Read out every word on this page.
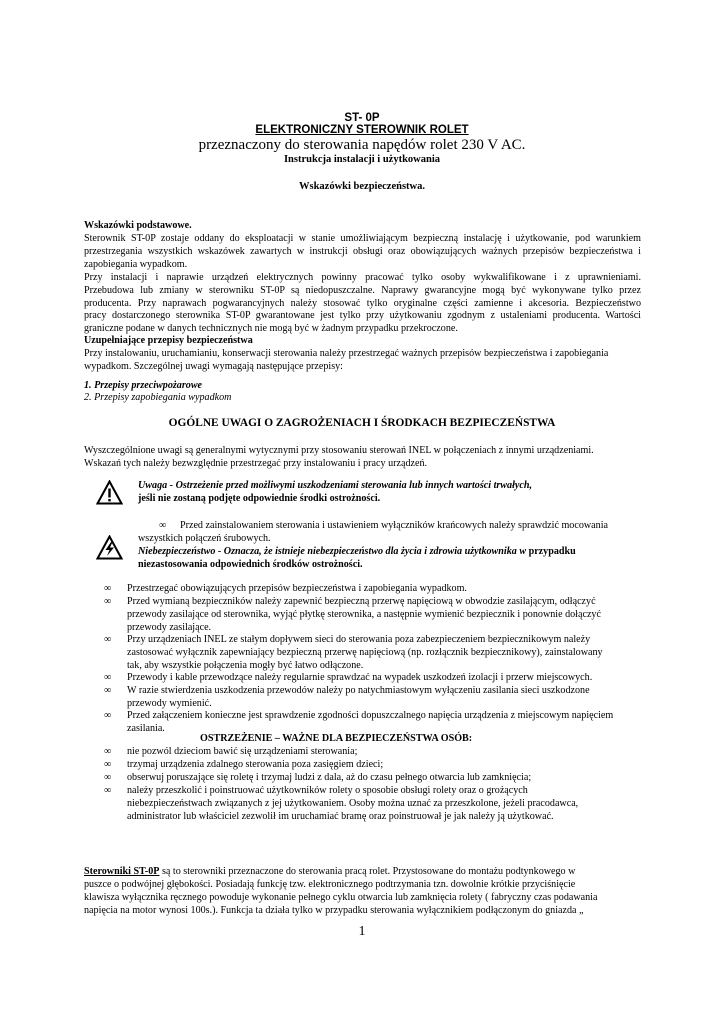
ST- 0P
ELEKTRONICZNY STEROWNIK ROLET
przeznaczony do sterowania napędów rolet 230 V AC.
Instrukcja instalacji i użytkowania
Wskazówki bezpieczeństwa.
Wskazówki podstawowe.
Sterownik ST-0P zostaje oddany do eksploatacji w stanie umożliwiającym bezpieczną instalację i użytkowanie, pod warunkiem
przestrzegania wszystkich wskazówek zawartych w instrukcji obsługi oraz obowiązujących ważnych przepisów bezpieczeństwa i
zapobiegania wypadkom.
Przy instalacji i naprawie urządzeń elektrycznych powinny pracować tylko osoby wykwalifikowane i z uprawnieniami.
Przebudowa lub zmiany w sterowniku ST-0P są niedopuszczalne. Naprawy gwarancyjne mogą być wykonywane tylko przez
producenta. Przy naprawach pogwarancyjnych należy stosować tylko oryginalne części zamienne i akcesoria. Bezpieczeństwo
pracy dostarczonego sterownika ST-0P gwarantowane jest tylko przy użytkowaniu zgodnym z ustaleniami producenta. Wartości
graniczne podane w danych technicznych nie mogą być w żadnym przypadku przekroczone.
Uzupełniające przepisy bezpieczeństwa
Przy instalowaniu, uruchamianiu, konserwacji sterowania należy przestrzegać ważnych przepisów bezpieczeństwa i zapobiegania
wypadkom. Szczególnej uwagi wymagają następujące przepisy:
1. Przepisy przeciwpożarowe
2. Przepisy zapobiegania wypadkom
OGÓLNE UWAGI O ZAGROŻENIACH I ŚRODKACH BEZPIECZEŃSTWA
Wyszczególnione uwagi są generalnymi wytycznymi przy stosowaniu sterowań INEL w połączeniach z innymi urządzeniami.
Wskazań tych należy bezwzględnie przestrzegać przy instalowaniu i pracy urządzeń.
Uwaga - Ostrzeżenie przed możliwymi uszkodzeniami sterowania lub innych wartości trwałych,
jeśli nie zostaną podjęte odpowiednie środki ostrożności.
∞ Przed zainstalowaniem sterowania i ustawieniem wyłączników krańcowych należy sprawdzić mocowania
wszystkich połączeń śrubowych.
Niebezpieczeństwo - Oznacza, że istnieje niebezpieczeństwo dla życia i zdrowia użytkownika w przypadku
niezastosowania odpowiednich środków ostrożności.
∞ Przestrzegać obowiązujących przepisów bezpieczeństwa i zapobiegania wypadkom.
∞ Przed wymianą bezpieczników należy zapewnić bezpieczną przerwę napięciową w obwodzie zasilającym, odłączyć
przewody zasilające od sterownika, wyjąć płytkę sterownika, a następnie wymienić bezpiecznik i ponownie dołączyć
przewody zasilające.
∞ Przy urządzeniach INEL ze stałym dopływem sieci do sterowania poza zabezpieczeniem bezpiecznikowym należy
zastosować wyłącznik zapewniający bezpieczną przerwę napięciową (np. rozłącznik bezpiecznikowy), zainstalowany
tak, aby wszystkie połączenia mogły być łatwo odłączone.
∞ Przewody i kable przewodzące należy regularnie sprawdzać na wypadek uszkodzeń izolacji i przerw miejscowych.
∞ W razie stwierdzenia uszkodzenia przewodów należy po natychmiastowym wyłączeniu zasilania sieci uszkodzone
przewody wymienić.
∞ Przed załączeniem konieczne jest sprawdzenie zgodności dopuszczalnego napięcia urządzenia z miejscowym napięciem
zasilania.
OSTRZEŻENIE – WAŻNE DLA BEZPIECZEŃSTWA OSÓB:
∞ nie pozwól dzieciom bawić się urządzeniami sterowania;
∞ trzymaj urządzenia zdalnego sterowania poza zasięgiem dzieci;
∞ obserwuj poruszające się roletę i trzymaj ludzi z dala, aż do czasu pełnego otwarcia lub zamknięcia;
∞ należy przeszkolić i poinstruować użytkowników rolety o sposobie obsługi rolety oraz o grożących
niebezpieczeństwach związanych z jej użytkowaniem. Osoby można uznać za przeszkolone, jeżeli pracodawca,
administrator lub właściciel zezwolił im uruchamiać bramę oraz poinstruował je jak należy ją użytkować.
Sterowniki ST-0P są to sterowniki przeznaczone do sterowania pracą rolet. Przystosowane do montażu podtynkowego w
puszce o podwójnej głębokości. Posiadają funkcję tzw. elektronicznego podtrzymania tzn. dowolnie krótkie przyciśnięcie
klawisza wyłącznika ręcznego powoduje wykonanie pełnego cyklu otwarcia lub zamknięcia rolety ( fabryczny czas podawania
napięcia na motor wynosi 100s.). Funkcja ta działa tylko w przypadku sterowania wyłącznikiem podłączonym do gniazda „
1
